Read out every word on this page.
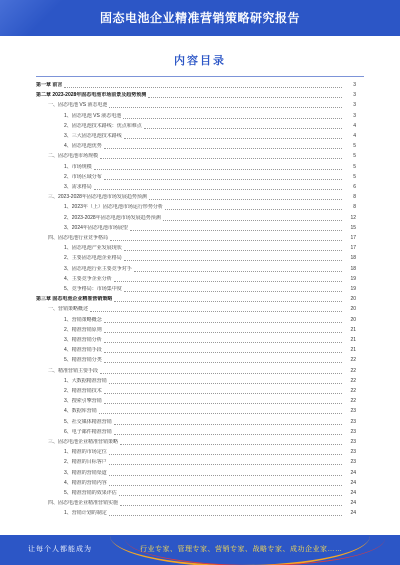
固态电池企业精准营销策略研究报告
内容目录
第一章 前言	3
第二章 2023-2028年固态电池市场前景及趋势预测	3
一、固态电池 VS 液态电池	3
1、固态电池 VS 液态电池	3
2、固态电池技术路线：优点和难点	4
3、三大固态电池技术路线	4
4、固态电池优势	5
二、固态电池市场规模	5
1、市场规模	5
2、市场区域分布	5
3、需求格局	6
三、2023-2028年固态电池市场发展趋势预测	8
1、2023年（上）固态电池市场运行形势分析	8
2、2023-2028年固态电池市场发展趋势预测	12
3、2024年固态电池市场展望	15
四、固态电池行业竞争格局	17
1、固态电池产业发展现状	17
2、主要固态电池企业格局	18
3、固态电池行业主要竞争对手	18
4、主要竞争企业分析	19
5、竞争格局：市场集中度	19
第三章 固态电池企业精准营销策略	20
一、营销策略概述	20
1、营销策略概念	20
2、精准营销原则	21
3、精准营销分析	21
4、精准营销手段	21
5、精准营销分类	22
二、精准营销主要手段	22
1、大数据精准营销	22
2、精准营销技术	22
3、搜索引擎营销	22
4、数据库营销	23
5、社交媒体精准营销	23
6、电子邮件精准营销	23
三、固态电池企业精准营销策略	23
1、精准的市场定位	23
2、精准的目标客户	23
3、精准的营销渠道	24
4、精准的营销内容	24
5、精准营销的效果评估	24
四、固态电池企业精准营销实施	24
1、营销计划的制定	24
让每个人都能成为	行业专家、管理专家、营销专家、战略专家、成功企业家……
